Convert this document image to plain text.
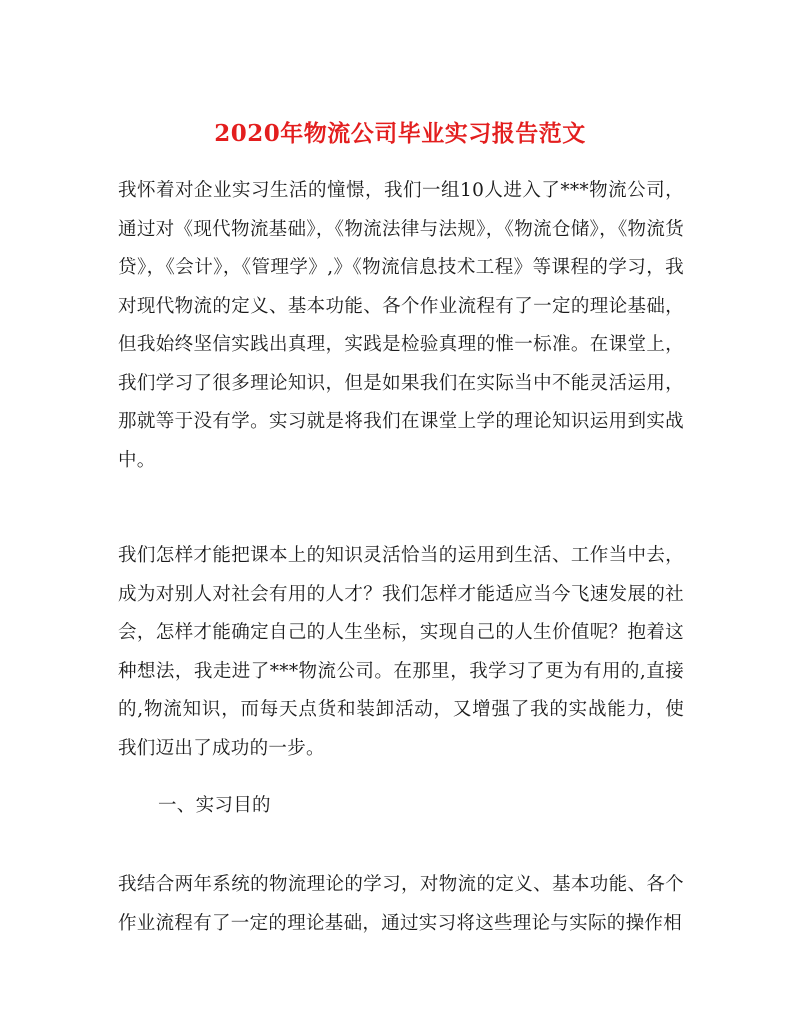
2020年物流公司毕业实习报告范文

我怀着对企业实习生活的憧憬，我们一组10人进入了***物流公司，通过对《现代物流基础》，《物流法律与法规》，《物流仓储》，《物流货贷》，《会计》，《管理学》,》《物流信息技术工程》等课程的学习，我对现代物流的定义、基本功能、各个作业流程有了一定的理论基础，但我始终坚信实践出真理，实践是检验真理的惟一标准。在课堂上，我们学习了很多理论知识，但是如果我们在实际当中不能灵活运用，那就等于没有学。实习就是将我们在课堂上学的理论知识运用到实战中。

我们怎样才能把课本上的知识灵活恰当的运用到生活、工作当中去，成为对别人对社会有用的人才？我们怎样才能适应当今飞速发展的社会，怎样才能确定自己的人生坐标，实现自己的人生价值呢？抱着这种想法，我走进了***物流公司。在那里，我学习了更为有用的,直接的,物流知识，而每天点货和装卸活动，又增强了我的实战能力，使我们迈出了成功的一步。

一、实习目的

我结合两年系统的物流理论的学习，对物流的定义、基本功能、各个作业流程有了一定的理论基础，通过实习将这些理论与实际的操作相
